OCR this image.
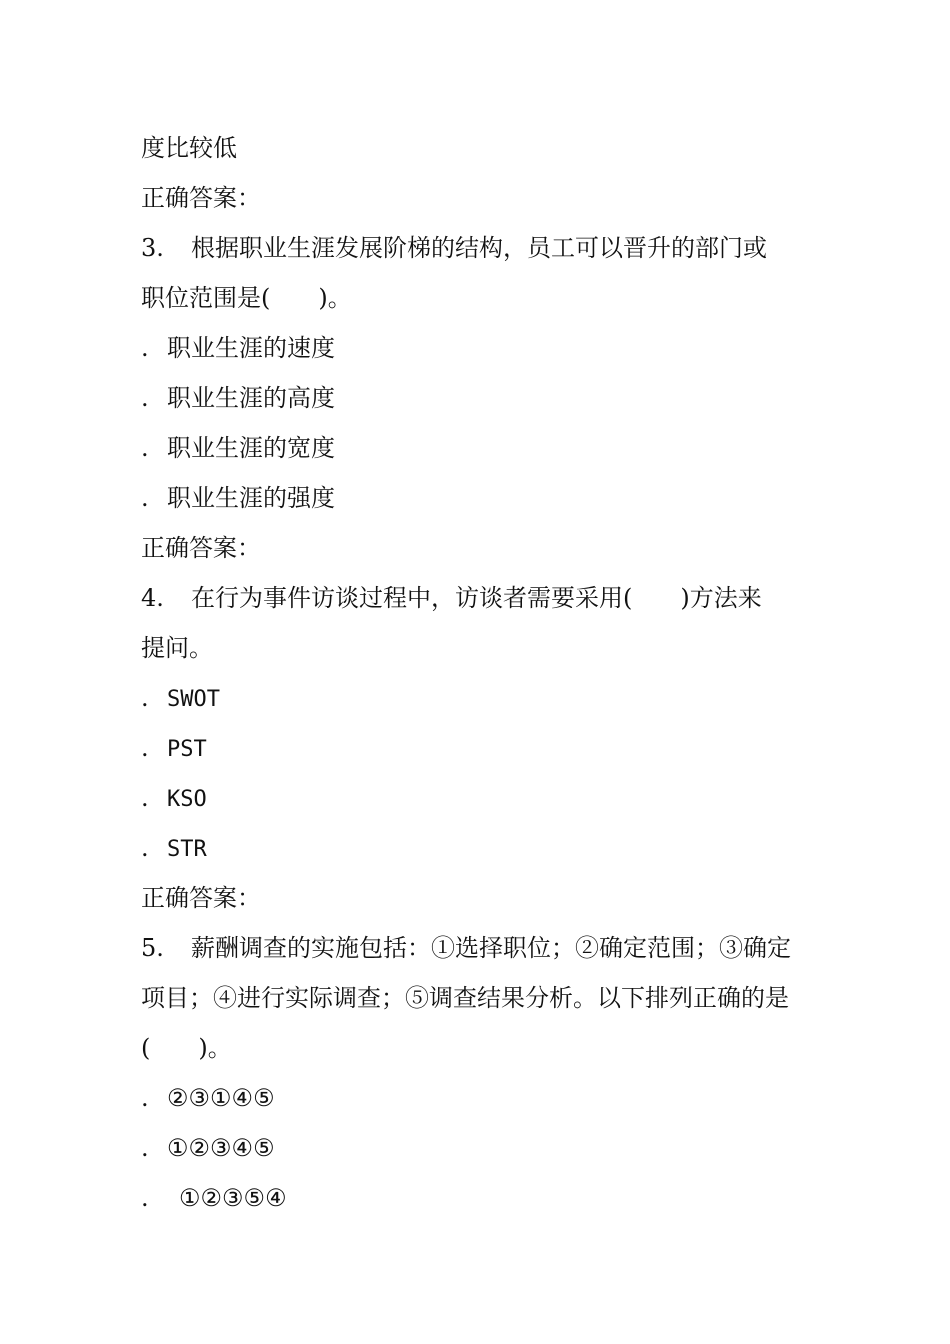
度比较低
正确答案：
3. 根据职业生涯发展阶梯的结构，员工可以晋升的部门或
职位范围是(　　)。
. 职业生涯的速度
. 职业生涯的高度
. 职业生涯的宽度
. 职业生涯的强度
正确答案：
4. 在行为事件访谈过程中，访谈者需要采用(　　)方法来
提问。
. SWOT
. PST
. KSO
. STR
正确答案：
5. 薪酬调查的实施包括：①选择职位；②确定范围；③确定
项目；④进行实际调查；⑤调查结果分析。以下排列正确的是
(　　)。
. ②③①④⑤
. ①②③④⑤
. ①②③⑤④
